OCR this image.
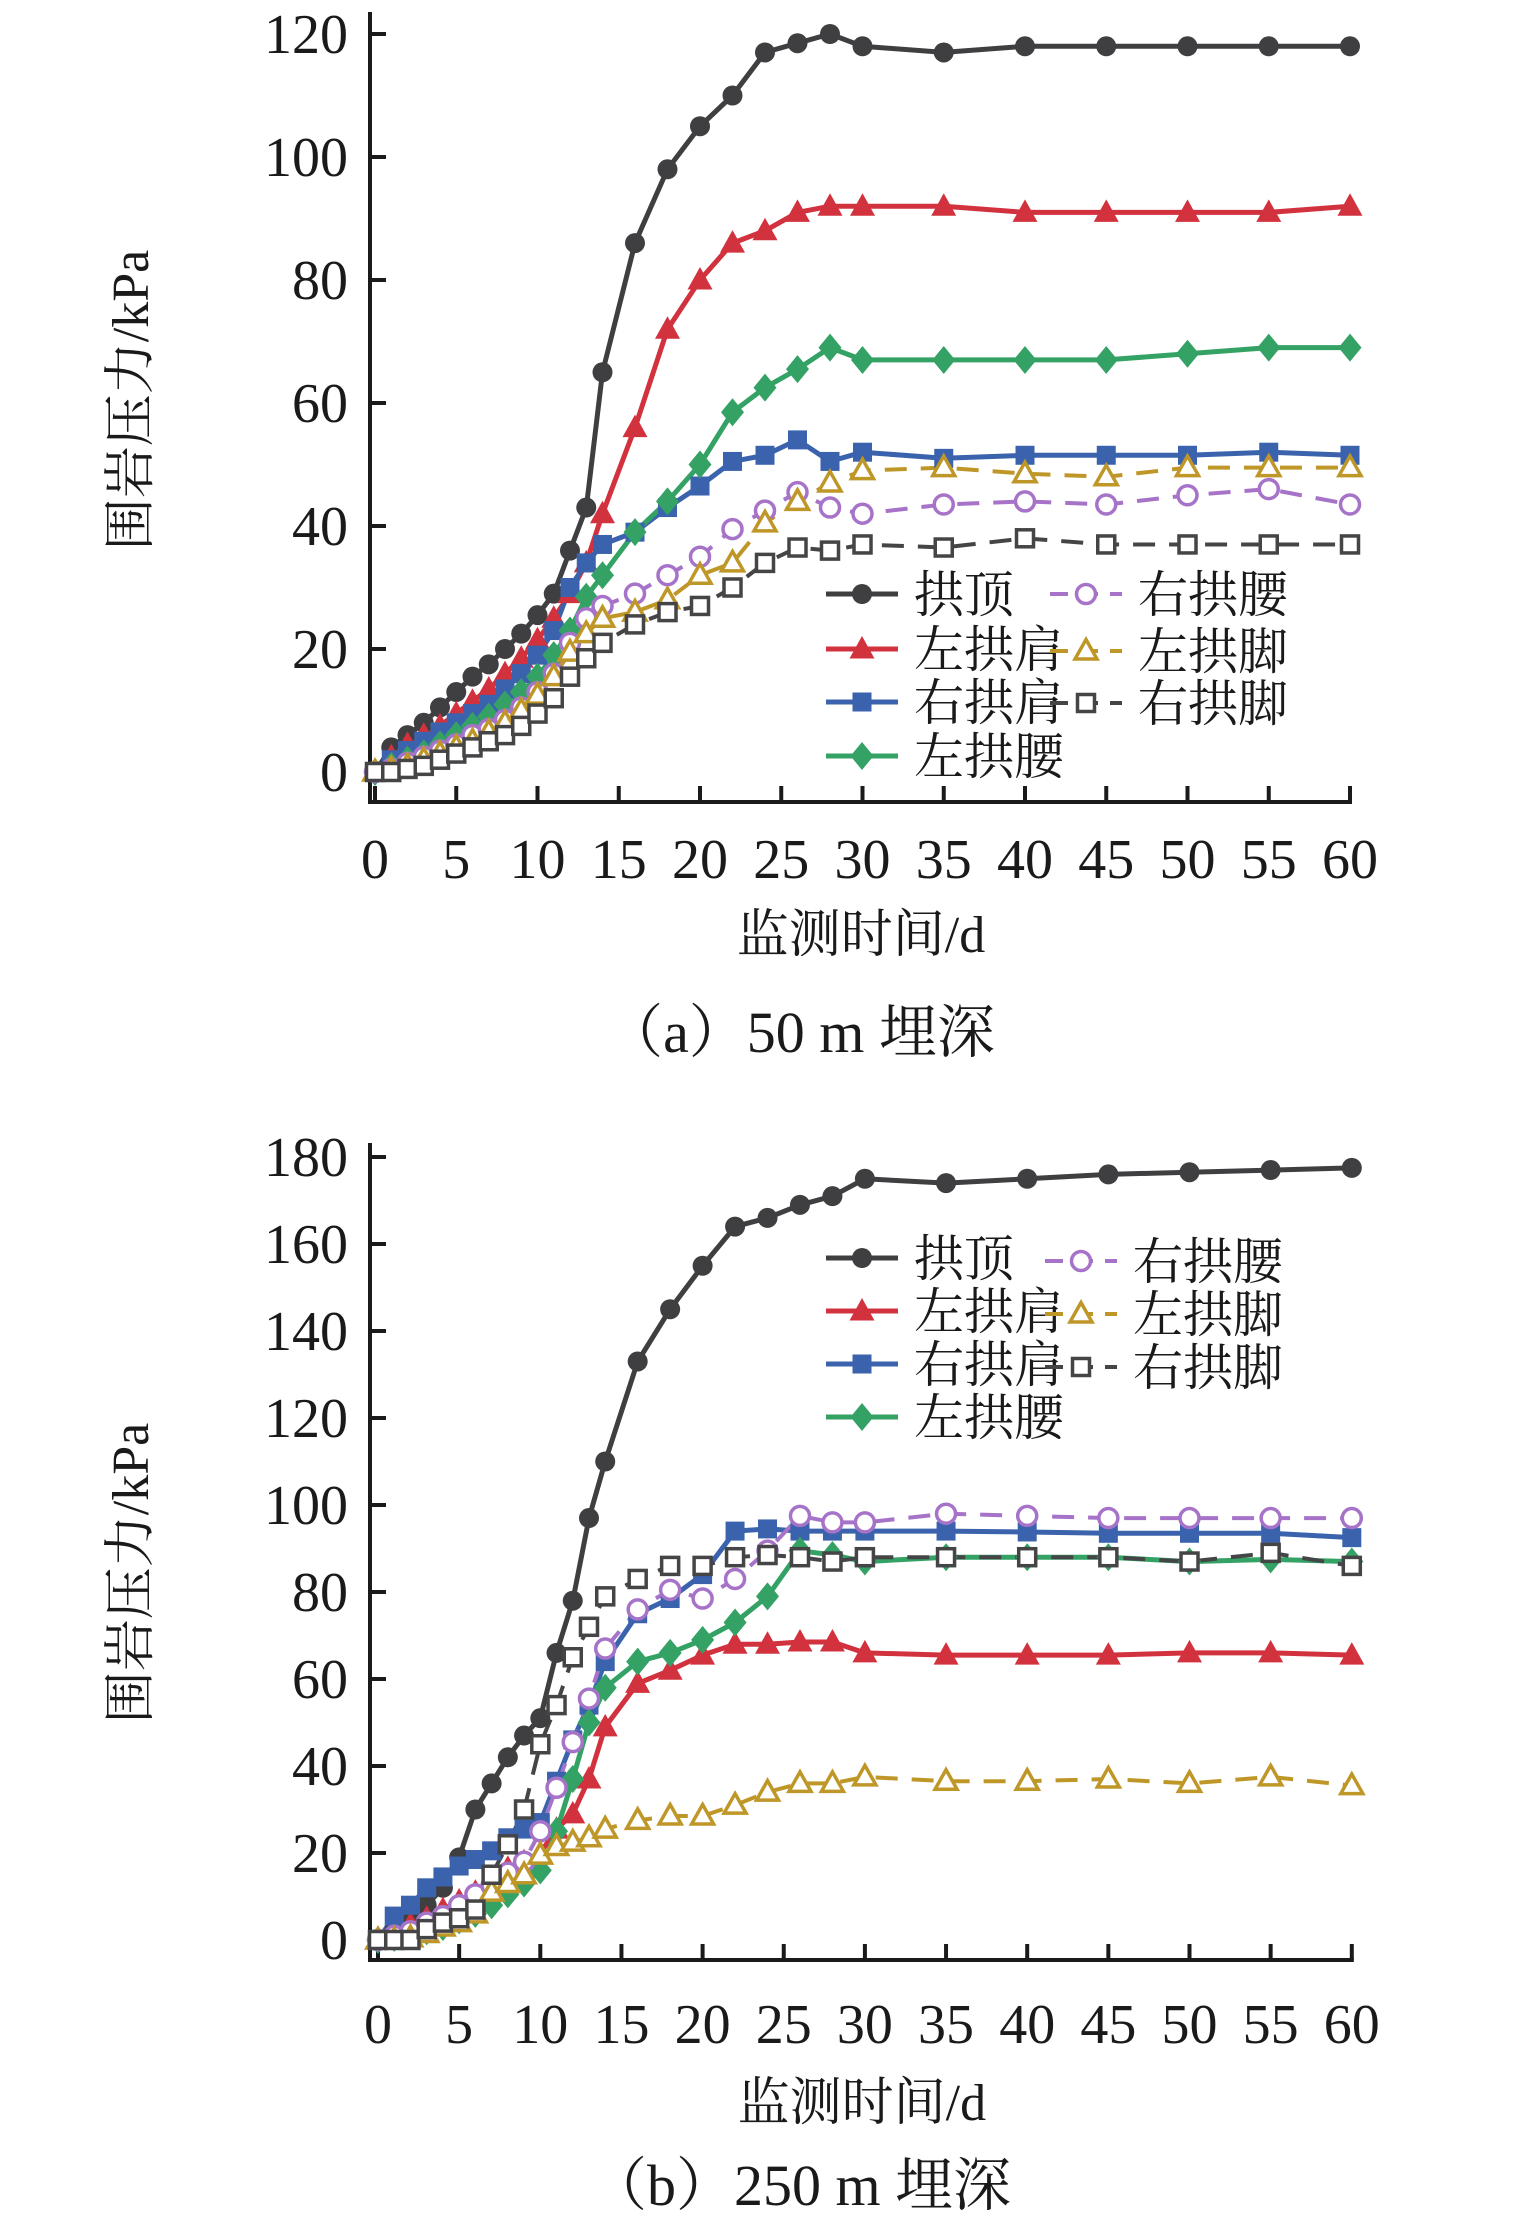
0
20
40
60
80
100
120
0 5 10 15 20 25 30 35 40 45 50 55 60
围岩压力/kPa
监测时间/d
拱顶
左拱肩
右拱肩
左拱腰
右拱腰
左拱脚
右拱脚
（a）50 m 埋深
0
20
40
60
80
100
120
140
160
180
0 5 10 15 20 25 30 35 40 45 50 55 60
围岩压力/kPa
监测时间/d
拱顶
左拱肩
右拱肩
左拱腰
右拱腰
左拱脚
右拱脚
（b）250 m 埋深
